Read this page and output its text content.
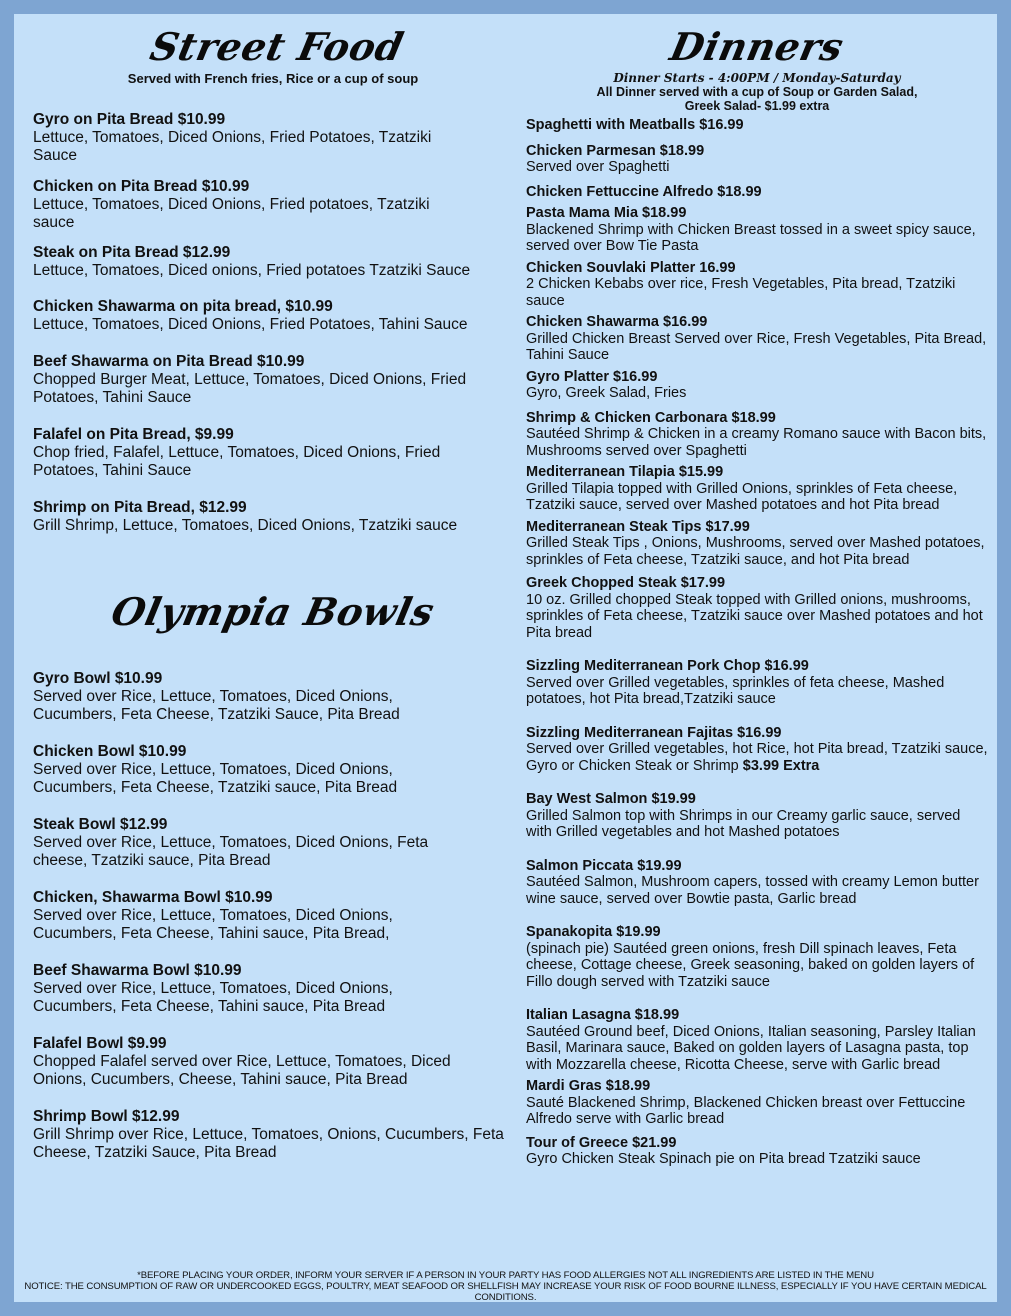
Street Food
Served with French fries, Rice or a cup of soup
Gyro on Pita Bread $10.99
Lettuce, Tomatoes, Diced Onions, Fried Potatoes, Tzatziki Sauce
Chicken on Pita Bread $10.99
Lettuce, Tomatoes, Diced Onions, Fried potatoes, Tzatziki sauce
Steak on Pita Bread $12.99
Lettuce, Tomatoes, Diced onions, Fried potatoes Tzatziki Sauce
Chicken Shawarma on pita bread, $10.99
Lettuce, Tomatoes, Diced Onions, Fried Potatoes, Tahini Sauce
Beef Shawarma on Pita Bread $10.99
Chopped Burger Meat, Lettuce, Tomatoes, Diced Onions, Fried Potatoes, Tahini Sauce
Falafel on Pita Bread, $9.99
Chop fried, Falafel, Lettuce, Tomatoes, Diced Onions, Fried Potatoes, Tahini Sauce
Shrimp on Pita Bread, $12.99
Grill Shrimp, Lettuce, Tomatoes, Diced Onions, Tzatziki sauce
Olympia Bowls
Gyro Bowl $10.99
Served over Rice, Lettuce, Tomatoes, Diced Onions, Cucumbers, Feta Cheese, Tzatziki Sauce, Pita Bread
Chicken Bowl $10.99
Served over Rice, Lettuce, Tomatoes, Diced Onions, Cucumbers, Feta Cheese, Tzatziki sauce, Pita Bread
Steak Bowl $12.99
Served over Rice, Lettuce, Tomatoes, Diced Onions, Feta cheese, Tzatziki sauce, Pita Bread
Chicken, Shawarma Bowl $10.99
Served over Rice, Lettuce, Tomatoes, Diced Onions, Cucumbers, Feta Cheese, Tahini sauce, Pita Bread,
Beef Shawarma Bowl $10.99
Served over Rice, Lettuce, Tomatoes, Diced Onions, Cucumbers, Feta Cheese, Tahini sauce, Pita Bread
Falafel Bowl $9.99
Chopped Falafel served over Rice, Lettuce, Tomatoes, Diced Onions, Cucumbers, Cheese, Tahini sauce, Pita Bread
Shrimp Bowl $12.99
Grill Shrimp over Rice, Lettuce, Tomatoes, Onions, Cucumbers, Feta Cheese, Tzatziki Sauce, Pita Bread
Dinners
Dinner Starts - 4:00PM / Monday-Saturday
All Dinner served with a cup of Soup or Garden Salad,
Greek Salad- $1.99 extra
Spaghetti with Meatballs $16.99
Chicken Parmesan $18.99
Served over Spaghetti
Chicken Fettuccine Alfredo $18.99
Pasta Mama Mia $18.99
Blackened Shrimp with Chicken Breast tossed in a sweet spicy sauce, served over Bow Tie Pasta
Chicken Souvlaki Platter 16.99
2 Chicken Kebabs over rice, Fresh Vegetables, Pita bread, Tzatziki sauce
Chicken Shawarma $16.99
Grilled Chicken Breast Served over Rice, Fresh Vegetables, Pita Bread, Tahini Sauce
Gyro Platter $16.99
Gyro, Greek Salad, Fries
Shrimp & Chicken Carbonara $18.99
Sautéed Shrimp & Chicken in a creamy Romano sauce with Bacon bits, Mushrooms served over Spaghetti
Mediterranean Tilapia $15.99
Grilled Tilapia topped with Grilled Onions, sprinkles of Feta cheese, Tzatziki sauce, served over Mashed potatoes and hot Pita bread
Mediterranean Steak Tips $17.99
Grilled Steak Tips , Onions, Mushrooms, served over Mashed potatoes, sprinkles of Feta cheese, Tzatziki sauce, and hot Pita bread
Greek Chopped Steak $17.99
10 oz. Grilled chopped Steak topped with Grilled onions, mushrooms, sprinkles of Feta cheese, Tzatziki sauce over Mashed potatoes and hot Pita bread
Sizzling Mediterranean Pork Chop $16.99
Served over Grilled vegetables, sprinkles of feta cheese, Mashed potatoes, hot Pita bread,Tzatziki sauce
Sizzling Mediterranean Fajitas $16.99
Served over Grilled vegetables, hot Rice, hot Pita bread, Tzatziki sauce, Gyro or Chicken Steak or Shrimp $3.99 Extra
Bay West Salmon $19.99
Grilled Salmon top with Shrimps in our Creamy garlic sauce, served with Grilled vegetables and hot Mashed potatoes
Salmon Piccata $19.99
Sautéed Salmon, Mushroom capers, tossed with creamy Lemon butter wine sauce, served over Bowtie pasta, Garlic bread
Spanakopita $19.99
(spinach pie) Sautéed green onions, fresh Dill spinach leaves, Feta cheese, Cottage cheese, Greek seasoning, baked on golden layers of Fillo dough served with Tzatziki sauce
Italian Lasagna $18.99
Sautéed Ground beef, Diced Onions, Italian seasoning, Parsley Italian Basil, Marinara sauce, Baked on golden layers of Lasagna pasta, top with Mozzarella cheese, Ricotta Cheese, serve with Garlic bread
Mardi Gras $18.99
Sauté Blackened Shrimp, Blackened Chicken breast over Fettuccine Alfredo serve with Garlic bread
Tour of Greece $21.99
Gyro Chicken Steak Spinach pie on Pita bread Tzatziki sauce
*BEFORE PLACING YOUR ORDER, INFORM YOUR SERVER IF A PERSON IN YOUR PARTY HAS FOOD ALLERGIES NOT ALL INGREDIENTS ARE LISTED IN THE MENU
NOTICE: THE CONSUMPTION OF RAW OR UNDERCOOKED EGGS, POULTRY, MEAT SEAFOOD OR SHELLFISH MAY INCREASE YOUR RISK OF FOOD BOURNE ILLNESS, ESPECIALLY IF YOU HAVE CERTAIN MEDICAL CONDITIONS.
